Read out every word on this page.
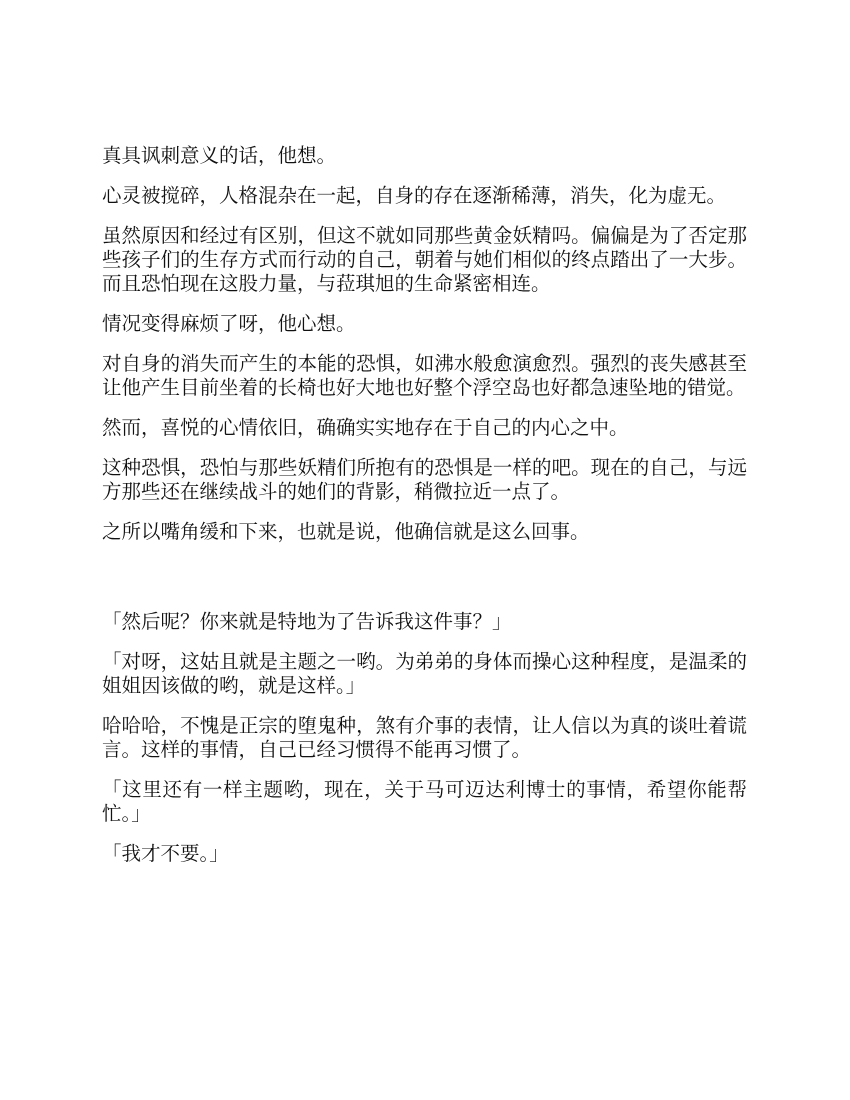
真具讽刺意义的话，他想。

心灵被搅碎，人格混杂在一起，自身的存在逐渐稀薄，消失，化为虚无。

虽然原因和经过有区别，但这不就如同那些黄金妖精吗。偏偏是为了否定那些孩子们的生存方式而行动的自己，朝着与她们相似的终点踏出了一大步。而且恐怕现在这股力量，与菈琪旭的生命紧密相连。

情况变得麻烦了呀，他心想。

对自身的消失而产生的本能的恐惧，如沸水般愈演愈烈。强烈的丧失感甚至让他产生目前坐着的长椅也好大地也好整个浮空岛也好都急速坠地的错觉。

然而，喜悦的心情依旧，确确实实地存在于自己的内心之中。

这种恐惧，恐怕与那些妖精们所抱有的恐惧是一样的吧。现在的自己，与远方那些还在继续战斗的她们的背影，稍微拉近一点了。

之所以嘴角缓和下来，也就是说，他确信就是这么回事。

「然后呢？你来就是特地为了告诉我这件事？」

「对呀，这姑且就是主题之一哟。为弟弟的身体而操心这种程度，是温柔的姐姐因该做的哟，就是这样。」

哈哈哈，不愧是正宗的堕鬼种，煞有介事的表情，让人信以为真的谈吐着谎言。这样的事情，自己已经习惯得不能再习惯了。

「这里还有一样主题哟，现在，关于马可迈达利博士的事情，希望你能帮忙。」

「我才不要。」
